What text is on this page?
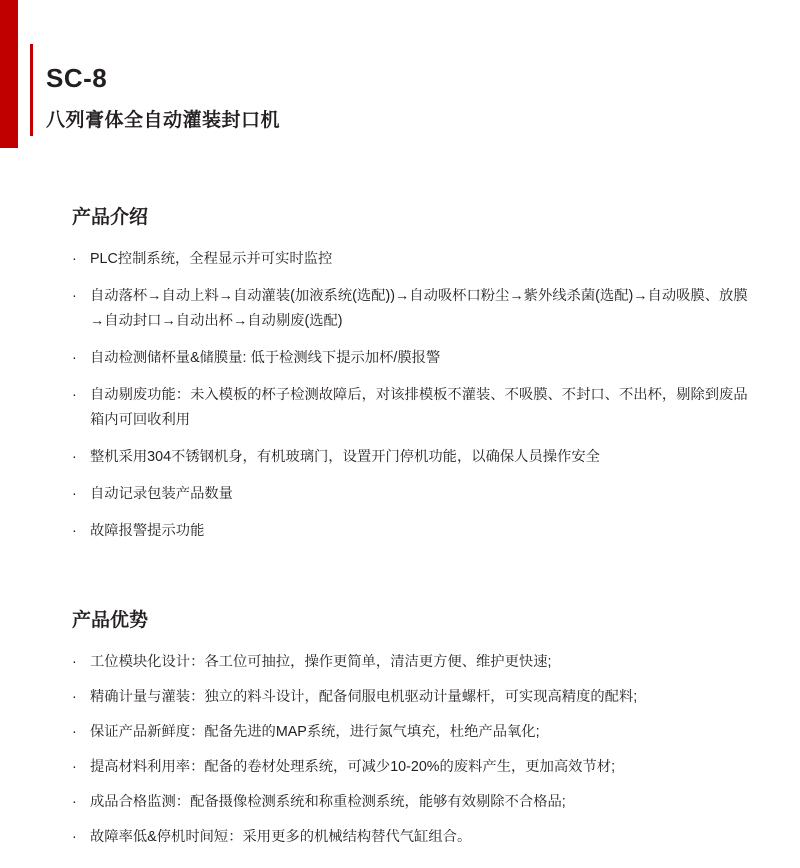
SC-8
八列膏体全自动灌装封口机
产品介绍
· PLC控制系统，全程显示并可实时监控
· 自动落杯→自动上料→自动灌装(加液系统(选配))→自动吸杯口粉尘→紫外线杀菌(选配)→自动吸膜、放膜→自动封口→自动出杯→自动剔废(选配)
· 自动检测储杯量&储膜量: 低于检测线下提示加杯/膜报警
· 自动剔废功能：未入模板的杯子检测故障后，对该排模板不灌装、不吸膜、不封口、不出杯，剔除到废品箱内可回收利用
· 整机采用304不锈钢机身，有机玻璃门，设置开门停机功能，以确保人员操作安全
· 自动记录包装产品数量
· 故障报警提示功能
产品优势
· 工位模块化设计：各工位可抽拉，操作更简单，清洁更方便、维护更快速;
· 精确计量与灌装：独立的料斗设计，配备伺服电机驱动计量螺杆，可实现高精度的配料;
· 保证产品新鲜度：配备先进的MAP系统，进行氮气填充，杜绝产品氧化;
· 提高材料利用率：配备的卷材处理系统，可减少10-20%的废料产生，更加高效节材;
· 成品合格监测：配备摄像检测系统和称重检测系统，能够有效剔除不合格品;
· 故障率低&停机时间短：采用更多的机械结构替代气缸组合。
